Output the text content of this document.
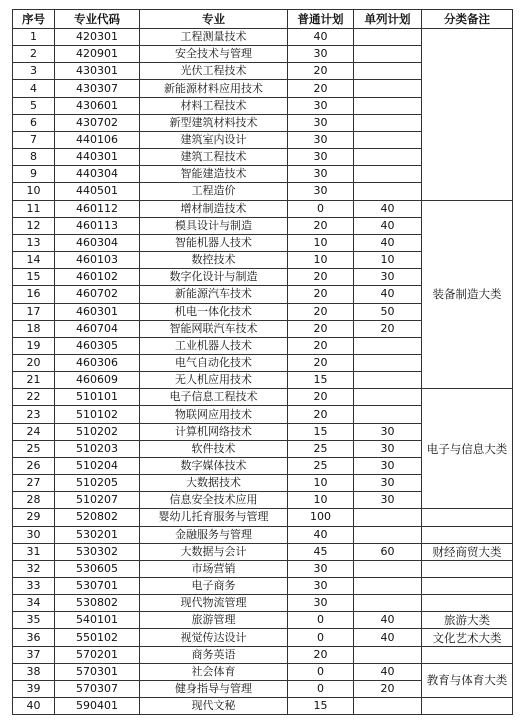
序号	专业代码	专业	普通计划	单列计划	分类备注
1	420301	工程测量技术	40		
2	420901	安全技术与管理	30		
3	430301	光伏工程技术	20		
4	430307	新能源材料应用技术	20		
5	430601	材料工程技术	30		
6	430702	新型建筑材料技术	30		
7	440106	建筑室内设计	30		
8	440301	建筑工程技术	30		
9	440304	智能建造技术	30		
10	440501	工程造价	30		
11	460112	增材制造技术	0	40	装备制造大类
12	460113	模具设计与制造	20	40	
13	460304	智能机器人技术	10	40	
14	460103	数控技术	10	10	
15	460102	数字化设计与制造	20	30	
16	460702	新能源汽车技术	20	40	
17	460301	机电一体化技术	20	50	
18	460704	智能网联汽车技术	20	20	
19	460305	工业机器人技术	20		
20	460306	电气自动化技术	20		
21	460609	无人机应用技术	15		
22	510101	电子信息工程技术	20		电子与信息大类
23	510102	物联网应用技术	20		
24	510202	计算机网络技术	15	30	
25	510203	软件技术	25	30	
26	510204	数字媒体技术	25	30	
27	510205	大数据技术	10	30	
28	510207	信息安全技术应用	10	30	
29	520802	婴幼儿托育服务与管理	100		
30	530201	金融服务与管理	40		
31	530302	大数据与会计	45	60	财经商贸大类
32	530605	市场营销	30		
33	530701	电子商务	30		
34	530802	现代物流管理	30		
35	540101	旅游管理	0	40	旅游大类
36	550102	视觉传达设计	0	40	文化艺术大类
37	570201	商务英语	20		
38	570301	社会体育	0	40	教育与体育大类
39	570307	健身指导与管理	0	20	
40	590401	现代文秘	15		
